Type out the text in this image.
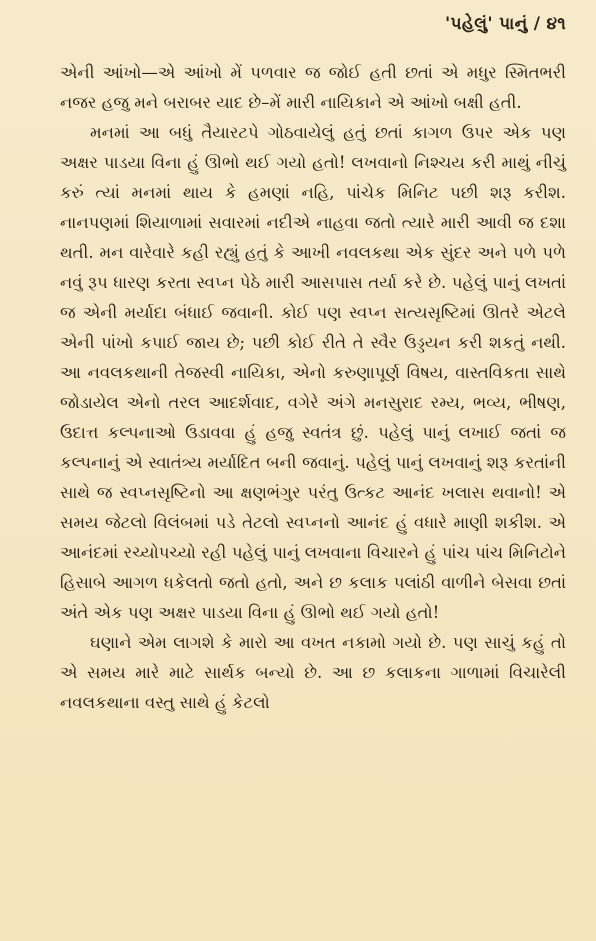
'પહેલું' પાનું / ૪૧

એની આંખો—એ આંખો મેં પળવાર જ જોઈ હતી છતાં એ મધુર સ્મિતભરી નજર હજુ મને બરાબર યાદ છે–મેં મારી નાયિકાને એ આંખો બક્ષી હતી.

મનમાં આ બધું તૈયારટપે ગોઠવાયેલું હતું છતાં કાગળ ઉપર એક પણ અક્ષર પાડયા વિના હું ઊભો થઈ ગયો હતો! લખવાનો નિશ્ચય કરી માથું નીચું કરું ત્યાં મનમાં થાય કે હમણાં નહિ, પાંચેક મિનિટ પછી શરૂ કરીશ. નાનપણમાં શિયાળામાં સવારમાં નદીએ નાહવા જતો ત્યારે મારી આવી જ દશા થતી. મન વારેવારે કહી રહ્યું હતું કે આખી નવલકથા એક સુંદર અને પળે પળે નવું રૂપ ધારણ કરતા સ્વપ્ન પેઠે મારી આસપાસ તર્યા કરે છે. પહેલું પાનું લખતાં જ એની મર્યાદા બંધાઈ જવાની. કોઈ પણ સ્વપ્ન સત્યસૃષ્ટિમાં ઊતરે એટલે એની પાંખો કપાઈ જાય છે; પછી કોઈ રીતે તે સ્વૈર ઉડ્ડયન કરી શકતું નથી. આ નવલકથાની તેજસ્વી નાયિકા, એનો કરુણાપૂર્ણ વિષય, વાસ્તવિકતા સાથે જોડાયેલ એનો તરલ આદર્શવાદ, વગેરે અંગે મનસુરાદ રમ્ય, ભવ્ય, ભીષણ, ઉદાત્ત કલ્પનાઓ ઉડાવવા હું હજુ સ્વતંત્ર છું. પહેલું પાનું લખાઈ જતાં જ કલ્પનાનું એ સ્વાતંત્ર્ય મર્યાદિત બની જવાનું. પહેલું પાનું લખવાનું શરૂ કરતાંની સાથે જ સ્વપ્નસૃષ્ટિનો આ ક્ષણભંગુર પરંતુ ઉત્કટ આનંદ ખલાસ થવાનો! એ સમય જેટલો વિલંબમાં પડે તેટલો સ્વપ્નનો આનંદ હું વધારે માણી શકીશ. એ આનંદમાં રચ્યોપચ્યો રહી પહેલું પાનું લખવાના વિચારને હું પાંચ પાંચ મિનિટોને હિસાબે આગળ ધકેલતો જતો હતો, અને છ કલાક પલાંઠી વાળીને બેસવા છતાં અંતે એક પણ અક્ષર પાડયા વિના હું ઊભો થઈ ગયો હતો!

ઘણાને એમ લાગશે કે મારો આ વખત નકામો ગયો છે. પણ સાચું કહું તો એ સમય મારે માટે સાર્થક બન્યો છે. આ છ કલાકના ગાળામાં વિચારેલી નવલકથાના વસ્તુ સાથે હું કેટલો
